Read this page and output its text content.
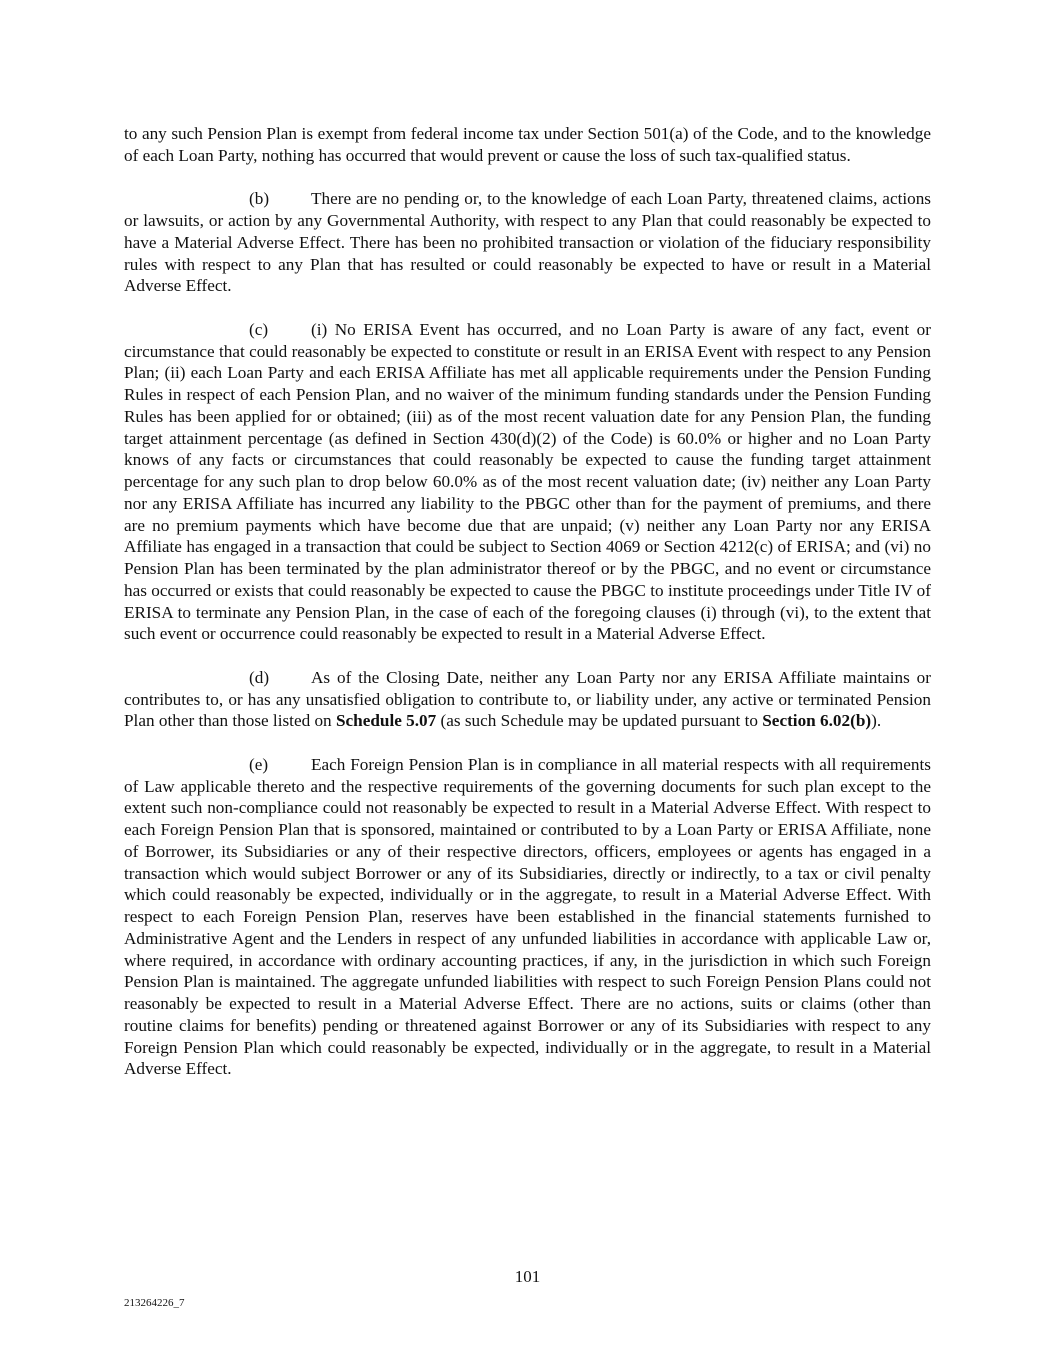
to any such Pension Plan is exempt from federal income tax under Section 501(a) of the Code, and to the knowledge of each Loan Party, nothing has occurred that would prevent or cause the loss of such tax-qualified status.

(b) There are no pending or, to the knowledge of each Loan Party, threatened claims, actions or lawsuits, or action by any Governmental Authority, with respect to any Plan that could reasonably be expected to have a Material Adverse Effect. There has been no prohibited transaction or violation of the fiduciary responsibility rules with respect to any Plan that has resulted or could reasonably be expected to have or result in a Material Adverse Effect.

(c) (i) No ERISA Event has occurred, and no Loan Party is aware of any fact, event or circumstance that could reasonably be expected to constitute or result in an ERISA Event with respect to any Pension Plan; (ii) each Loan Party and each ERISA Affiliate has met all applicable requirements under the Pension Funding Rules in respect of each Pension Plan, and no waiver of the minimum funding standards under the Pension Funding Rules has been applied for or obtained; (iii) as of the most recent valuation date for any Pension Plan, the funding target attainment percentage (as defined in Section 430(d)(2) of the Code) is 60.0% or higher and no Loan Party knows of any facts or circumstances that could reasonably be expected to cause the funding target attainment percentage for any such plan to drop below 60.0% as of the most recent valuation date; (iv) neither any Loan Party nor any ERISA Affiliate has incurred any liability to the PBGC other than for the payment of premiums, and there are no premium payments which have become due that are unpaid; (v) neither any Loan Party nor any ERISA Affiliate has engaged in a transaction that could be subject to Section 4069 or Section 4212(c) of ERISA; and (vi) no Pension Plan has been terminated by the plan administrator thereof or by the PBGC, and no event or circumstance has occurred or exists that could reasonably be expected to cause the PBGC to institute proceedings under Title IV of ERISA to terminate any Pension Plan, in the case of each of the foregoing clauses (i) through (vi), to the extent that such event or occurrence could reasonably be expected to result in a Material Adverse Effect.

(d) As of the Closing Date, neither any Loan Party nor any ERISA Affiliate maintains or contributes to, or has any unsatisfied obligation to contribute to, or liability under, any active or terminated Pension Plan other than those listed on Schedule 5.07 (as such Schedule may be updated pursuant to Section 6.02(b)).

(e) Each Foreign Pension Plan is in compliance in all material respects with all requirements of Law applicable thereto and the respective requirements of the governing documents for such plan except to the extent such non-compliance could not reasonably be expected to result in a Material Adverse Effect. With respect to each Foreign Pension Plan that is sponsored, maintained or contributed to by a Loan Party or ERISA Affiliate, none of Borrower, its Subsidiaries or any of their respective directors, officers, employees or agents has engaged in a transaction which would subject Borrower or any of its Subsidiaries, directly or indirectly, to a tax or civil penalty which could reasonably be expected, individually or in the aggregate, to result in a Material Adverse Effect. With respect to each Foreign Pension Plan, reserves have been established in the financial statements furnished to Administrative Agent and the Lenders in respect of any unfunded liabilities in accordance with applicable Law or, where required, in accordance with ordinary accounting practices, if any, in the jurisdiction in which such Foreign Pension Plan is maintained. The aggregate unfunded liabilities with respect to such Foreign Pension Plans could not reasonably be expected to result in a Material Adverse Effect. There are no actions, suits or claims (other than routine claims for benefits) pending or threatened against Borrower or any of its Subsidiaries with respect to any Foreign Pension Plan which could reasonably be expected, individually or in the aggregate, to result in a Material Adverse Effect.

101
213264226_7
